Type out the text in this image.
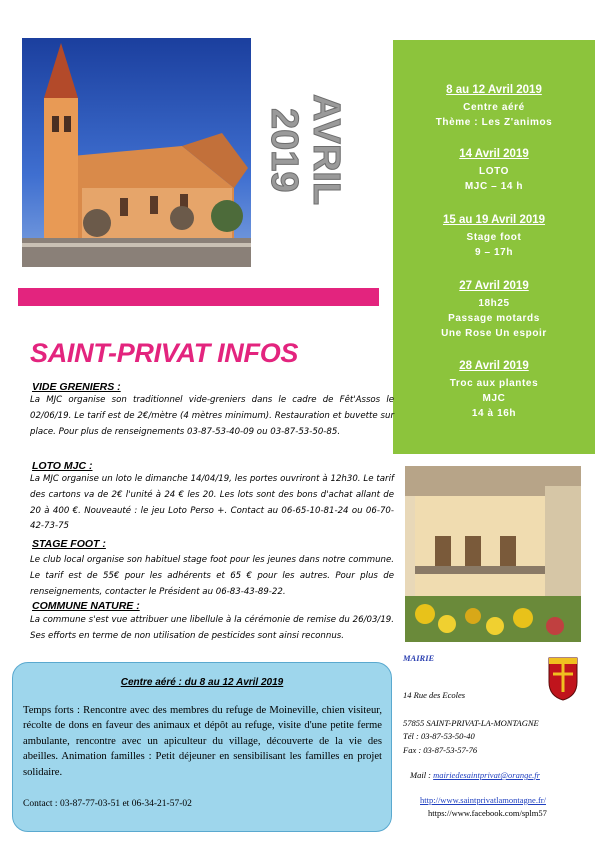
AVRIL
2019
SAINT-PRIVAT INFOS
8 au 12 Avril 2019
Centre aéré
Thème : Les Z'animos
14 Avril 2019
LOTO
MJC – 14 h
15 au 19 Avril 2019
Stage foot
9 – 17h
27 Avril 2019
18h25
Passage motards
Une Rose Un espoir
28 Avril 2019
Troc aux plantes
MJC
14 à 16h
VIDE GRENIERS :
La MJC organise son traditionnel vide-greniers dans le cadre de Fêt'Assos le 02/06/19. Le tarif est de 2€/mètre (4 mètres minimum). Restauration et buvette sur place. Pour plus de renseignements 03-87-53-40-09 ou 03-87-53-50-85.
LOTO MJC :
La MJC organise un loto le dimanche 14/04/19, les portes ouvriront à 12h30. Le tarif des cartons va de 2€ l'unité à 24 € les 20. Les lots sont des bons d'achat allant de 20 à 400 €. Nouveauté : le jeu Loto Perso +. Contact au 06-65-10-81-24 ou 06-70-42-73-75
STAGE FOOT :
Le club local organise son habituel stage foot pour les jeunes dans notre commune. Le tarif est de 55€ pour les adhérents et 65 € pour les autres. Pour plus de renseignements, contacter le Président au 06-83-43-89-22.
COMMUNE NATURE :
La commune s'est vue attribuer une libellule à la cérémonie de remise du 26/03/19. Ses efforts en terme de non utilisation de pesticides sont ainsi reconnus.
Centre aéré : du 8 au 12 Avril 2019
Temps forts : Rencontre avec des membres du refuge de Moineville, chien visiteur, récolte de dons en faveur des animaux et dépôt au refuge, visite d'une petite ferme ambulante, rencontre avec un apiculteur du village, découverte de la vie des abeilles. Animation familles : Petit déjeuner en sensibilisant les familles en projet solidaire.
Contact : 03-87-77-03-51 et 06-34-21-57-02
MAIRIE
14 Rue des Ecoles
57855 SAINT-PRIVAT-LA-MONTAGNE
Tél : 03-87-53-50-40
Fax : 03-87-53-57-76
Mail : mairiedesaintprivat@orange.fr
http://www.saintprivatlamontagne.fr/
https://www.facebook.com/splm57
